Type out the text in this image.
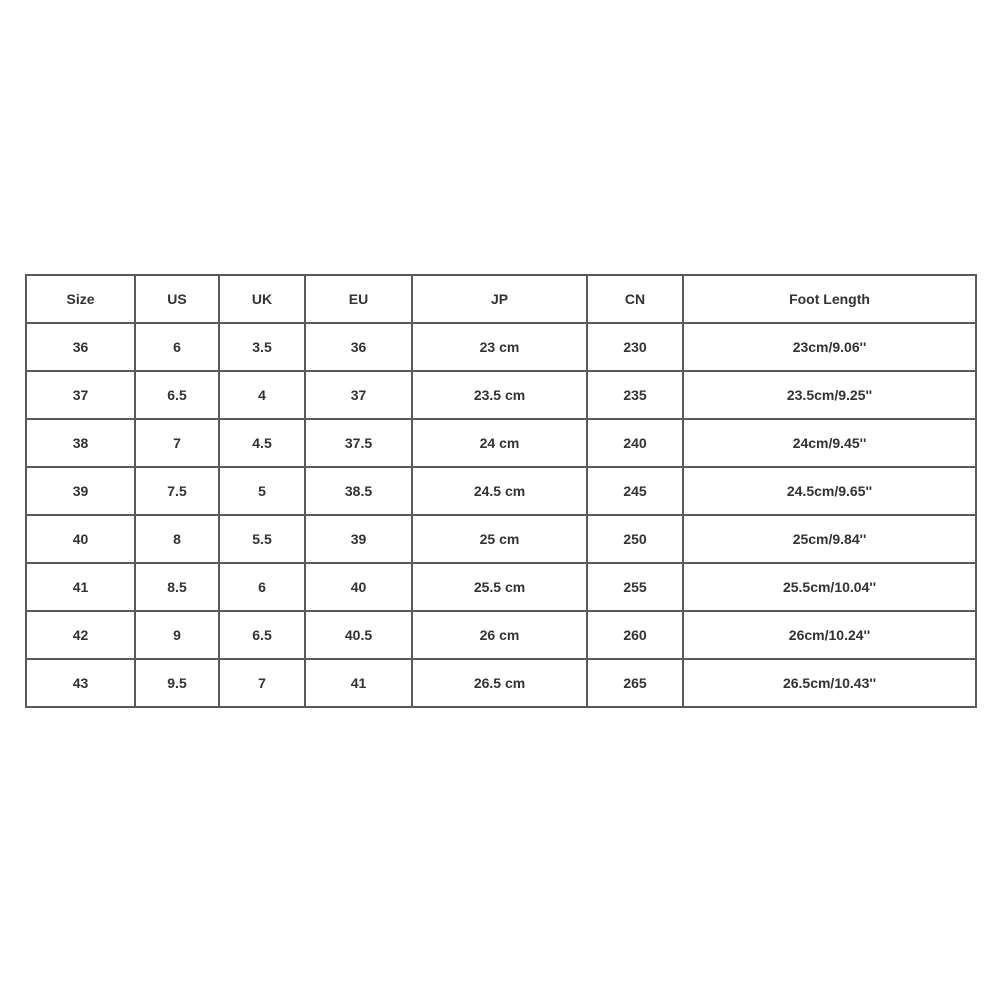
Size	US	UK	EU	JP	CN	Foot Length
36	6	3.5	36	23 cm	230	23cm/9.06''
37	6.5	4	37	23.5 cm	235	23.5cm/9.25''
38	7	4.5	37.5	24 cm	240	24cm/9.45''
39	7.5	5	38.5	24.5 cm	245	24.5cm/9.65''
40	8	5.5	39	25 cm	250	25cm/9.84''
41	8.5	6	40	25.5 cm	255	25.5cm/10.04''
42	9	6.5	40.5	26 cm	260	26cm/10.24''
43	9.5	7	41	26.5 cm	265	26.5cm/10.43''
